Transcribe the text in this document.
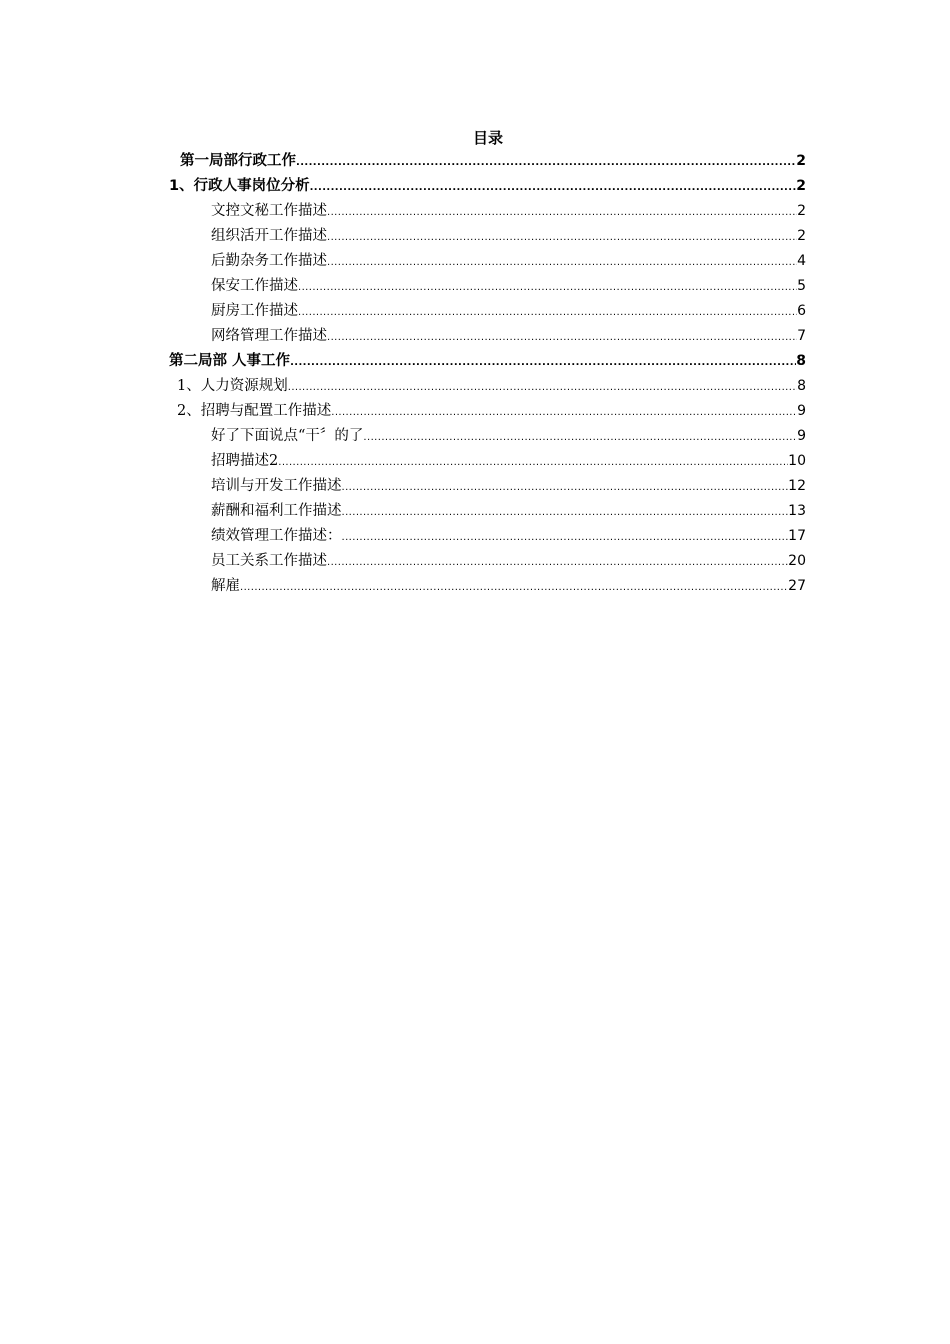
目录
第一局部行政工作 .....	2
1、行政人事岗位分析 .....	2
文控文秘工作描述 .....	2
组织活开工作描述 .....	2
后勤杂务工作描述 .....	4
保安工作描述 .....	5
厨房工作描述 .....	6
网络管理工作描述 .....	7
第二局部 人事工作 .....	8
1、人力资源规划 .....	8
2、招聘与配置工作描述 .....	9
好了下面说点“干〞的了 .....	9
招聘描述2 .....	10
培训与开发工作描述 .....	12
薪酬和福利工作描述 .....	13
绩效管理工作描述： .....	17
员工关系工作描述 .....	20
解雇 .....	27
